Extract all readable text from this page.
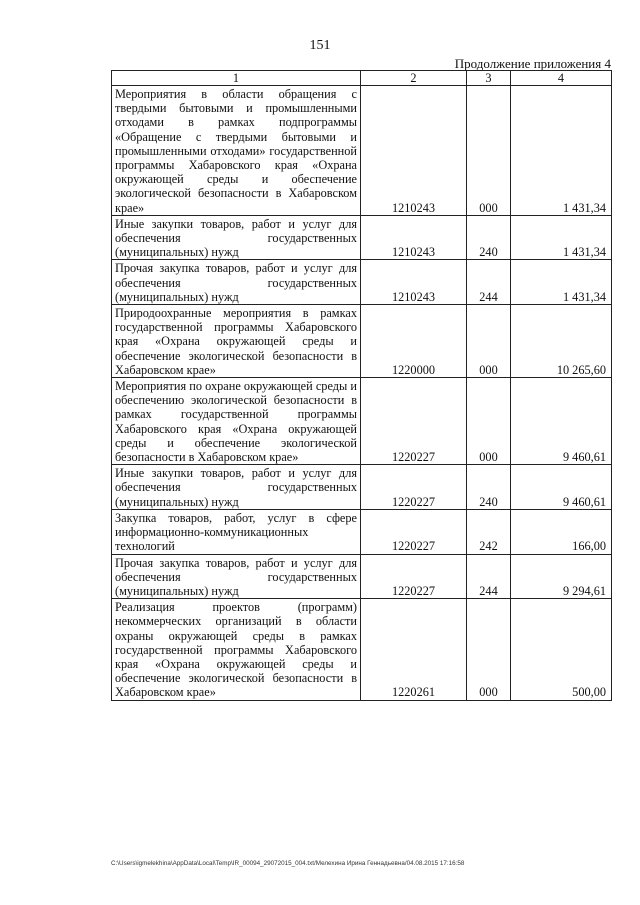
151
Продолжение приложения 4
1	2	3	4
Мероприятия в области обращения с твердыми бытовыми и промышленными отходами в рамках подпрограммы «Обращение с твердыми бытовыми и промышленными отходами» государственной программы Хабаровского края «Охрана окружающей среды и обеспечение экологической безопасности в Хабаровском крае»	1210243	000	1 431,34
Иные закупки товаров, работ и услуг для обеспечения государственных (муниципальных) нужд	1210243	240	1 431,34
Прочая закупка товаров, работ и услуг для обеспечения государственных (муниципальных) нужд	1210243	244	1 431,34
Природоохранные мероприятия в рамках государственной программы Хабаровского края «Охрана окружающей среды и обеспечение экологической безопасности в Хабаровском крае»	1220000	000	10 265,60
Мероприятия по охране окружающей среды и обеспечению экологической безопасности в рамках государственной программы Хабаровского края «Охрана окружающей среды и обеспечение экологической безопасности в Хабаровском крае»	1220227	000	9 460,61
Иные закупки товаров, работ и услуг для обеспечения государственных (муниципальных) нужд	1220227	240	9 460,61
Закупка товаров, работ, услуг в сфере информационно-коммуникационных технологий	1220227	242	166,00
Прочая закупка товаров, работ и услуг для обеспечения государственных (муниципальных) нужд	1220227	244	9 294,61
Реализация проектов (программ) некоммерческих организаций в области охраны окружающей среды в рамках государственной программы Хабаровского края «Охрана окружающей среды и обеспечение экологической безопасности в Хабаровском крае»	1220261	000	500,00
C:\Users\igmelekhina\AppData\Local\Temp\IR_00094_29072015_004.txt/Мелехина Ирина Геннадьевна/04.08.2015 17:16:58
